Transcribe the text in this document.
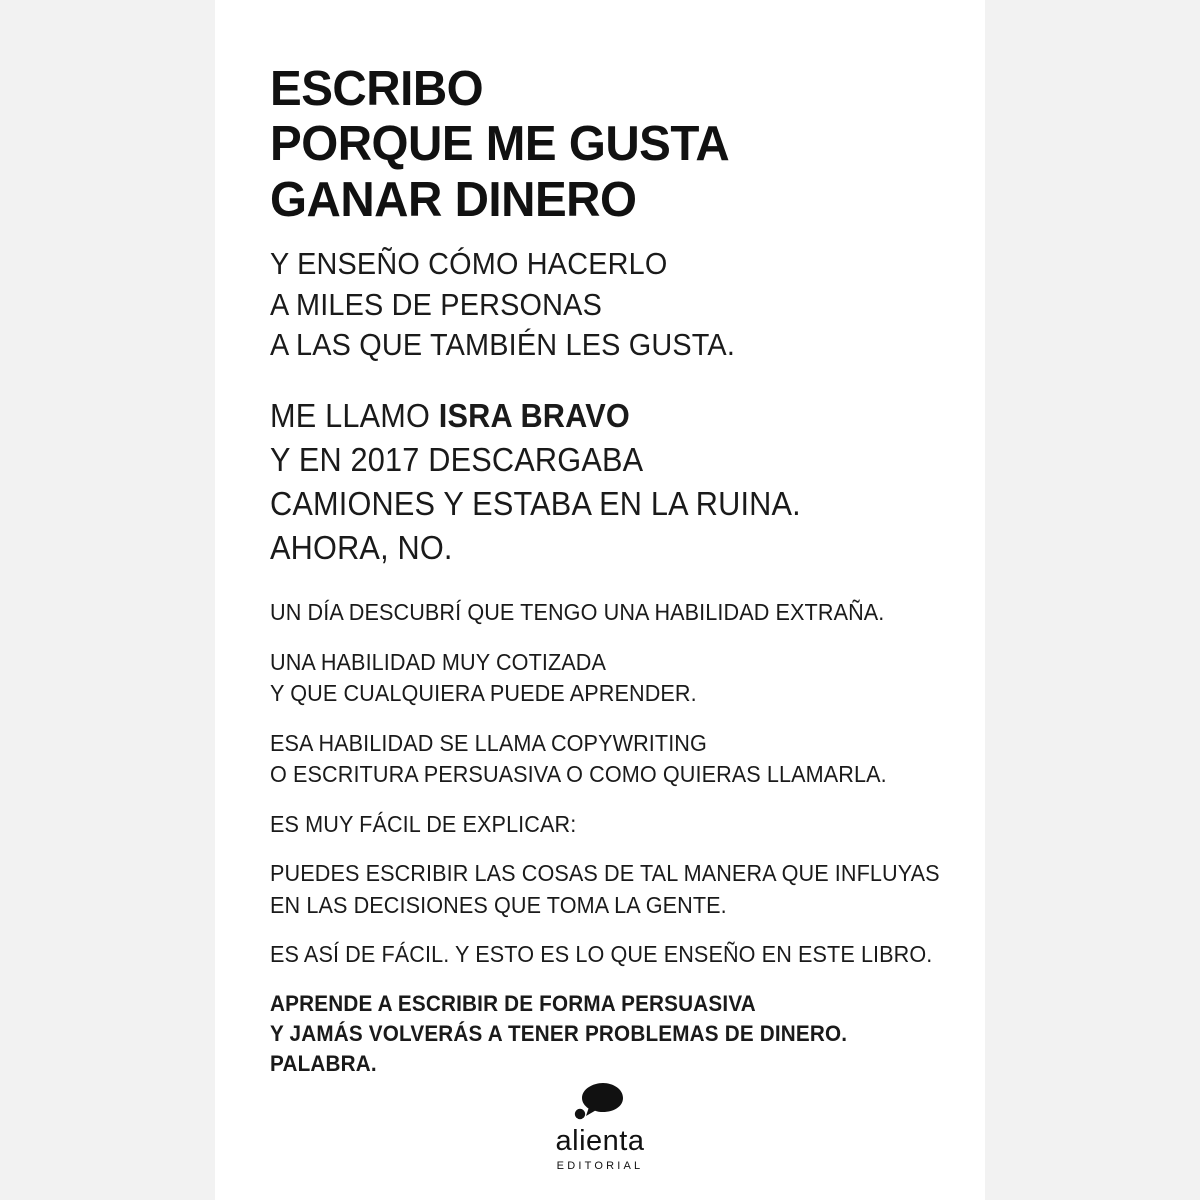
ESCRIBO
PORQUE ME GUSTA
GANAR DINERO
Y ENSEÑO CÓMO HACERLO
A MILES DE PERSONAS
A LAS QUE TAMBIÉN LES GUSTA.
ME LLAMO ISRA BRAVO
Y EN 2017 DESCARGABA
CAMIONES Y ESTABA EN LA RUINA.
AHORA, NO.
UN DÍA DESCUBRÍ QUE TENGO UNA HABILIDAD EXTRAÑA.
UNA HABILIDAD MUY COTIZADA
Y QUE CUALQUIERA PUEDE APRENDER.
ESA HABILIDAD SE LLAMA COPYWRITING
O ESCRITURA PERSUASIVA O COMO QUIERAS LLAMARLA.
ES MUY FÁCIL DE EXPLICAR:
PUEDES ESCRIBIR LAS COSAS DE TAL MANERA QUE INFLUYAS
EN LAS DECISIONES QUE TOMA LA GENTE.
ES ASÍ DE FÁCIL. Y ESTO ES LO QUE ENSEÑO EN ESTE LIBRO.
APRENDE A ESCRIBIR DE FORMA PERSUASIVA
Y JAMÁS VOLVERÁS A TENER PROBLEMAS DE DINERO.
PALABRA.
alienta
EDITORIAL
